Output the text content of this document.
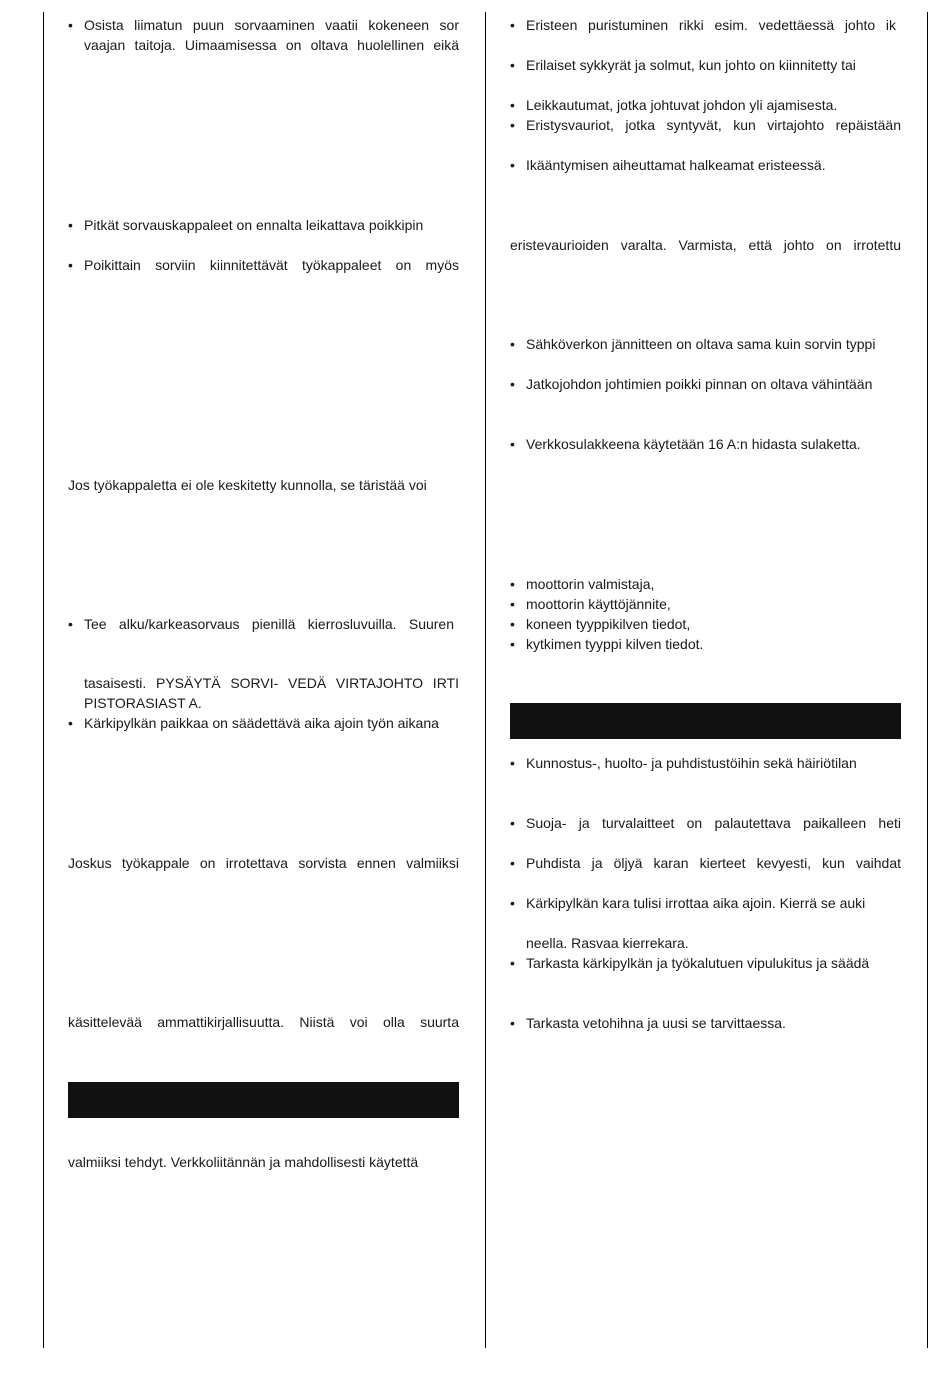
• Osista liimatun puun sorvaaminen vaatii kokeneen sor
vaajan taitoja. Uimaamisessa on oltava huolellinen eikä
• Pitkät sorvauskappaleet on ennalta leikattava poikkipin
• Poikittain sorviin kiinnitettävät työkappaleet on myös
Jos työkappaletta ei ole keskitetty kunnolla, se täristää voi
• Tee alku/karkeasorvaus pienillä kierrosluvuilla. Suuren
tasaisesti. PYSÄYTÄ SORVI- VEDÄ VIRTAJOHTO IRTI
PISTORASIAST A.
• Kärkipylkän paikkaa on säädettävä aika ajoin työn aikana
Joskus työkappale on irrotettava sorvista ennen valmiiksi
käsittelevää ammattikirjallisuutta. Niistä voi olla suurta
valmiiksi tehdyt. Verkkoliitännän ja mahdollisesti käytettä
• Eristeen puristuminen rikki esim. vedettäessä johto ik
• Erilaiset sykkyrät ja solmut, kun johto on kiinnitetty tai
• Leikkautumat, jotka johtuvat johdon yli ajamisesta.
• Eristysvauriot, jotka syntyvät, kun virtajohto repäistään
• Ikääntymisen aiheuttamat halkeamat eristeessä.
eristevaurioiden varalta. Varmista, että johto on irrotettu
• Sähköverkon jännitteen on oltava sama kuin sorvin typpi
• Jatkojohdon johtimien poikki pinnan on oltava vähintään
• Verkkosulakkeena käytetään 16 A:n hidasta sulaketta.
• moottorin valmistaja,
• moottorin käyttöjännite,
• koneen tyyppikilven tiedot,
• kytkimen tyyppi kilven tiedot.
• Kunnostus-, huolto- ja puhdistustöihin sekä häiriötilan
• Suoja- ja turvalaitteet on palautettava paikalleen heti
• Puhdista ja öljyä karan kierteet kevyesti, kun vaihdat
• Kärkipylkän kara tulisi irrottaa aika ajoin. Kierrä se auki
neella. Rasvaa kierrekara.
• Tarkasta kärkipylkän ja työkalutuen vipulukitus ja säädä
• Tarkasta vetohihna ja uusi se tarvittaessa.
